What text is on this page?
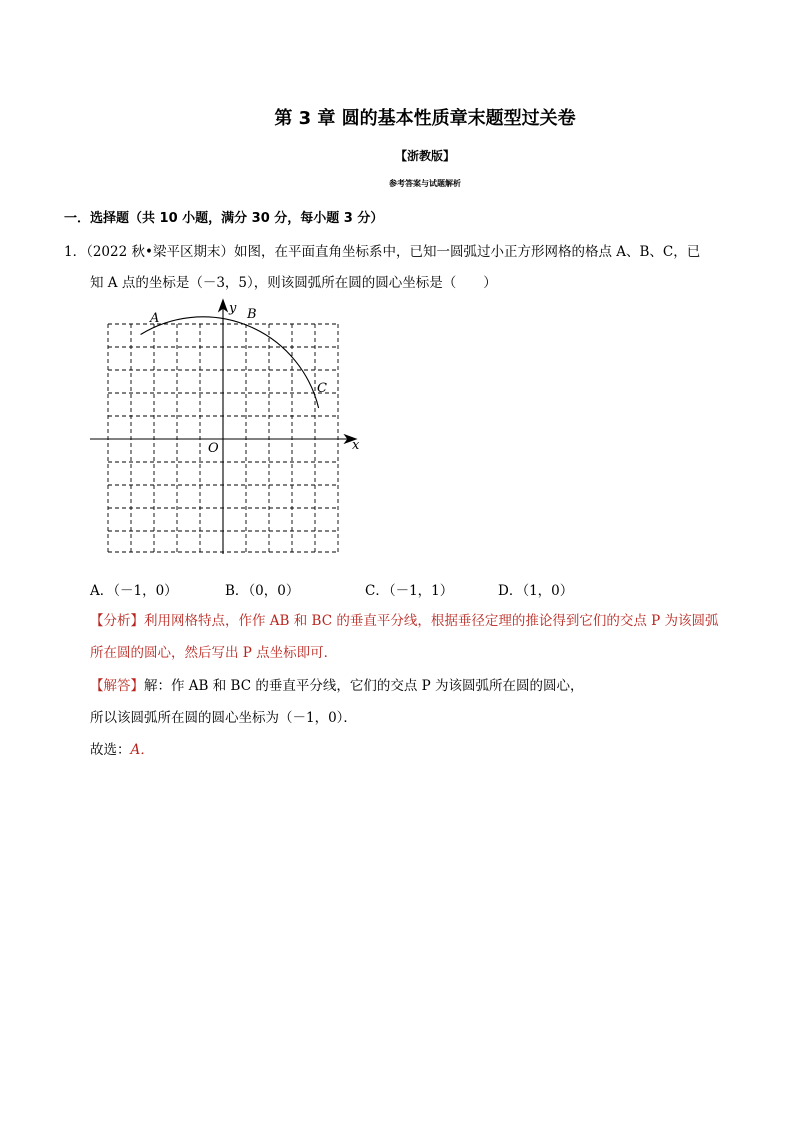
第 3 章 圆的基本性质章末题型过关卷
【浙教版】
参考答案与试题解析
一．选择题（共 10 小题，满分 30 分，每小题 3 分）
1．（2022 秋•梁平区期末）如图，在平面直角坐标系中，已知一圆弧过小正方形网格的格点 A、B、C，已
知 A 点的坐标是（－3，5），则该圆弧所在圆的圆心坐标是（　　）
A	B
C
O	x
y
A．（－1，0）	B．（0，0）	C．（－1，1）	D．（1，0）
【分析】利用网格特点，作作 AB 和 BC 的垂直平分线，根据垂径定理的推论得到它们的交点 P 为该圆弧
所在圆的圆心，然后写出 P 点坐标即可．
【解答】解：作 AB 和 BC 的垂直平分线，它们的交点 P 为该圆弧所在圆的圆心，
所以该圆弧所在圆的圆心坐标为（－1，0）．
故选：A．
